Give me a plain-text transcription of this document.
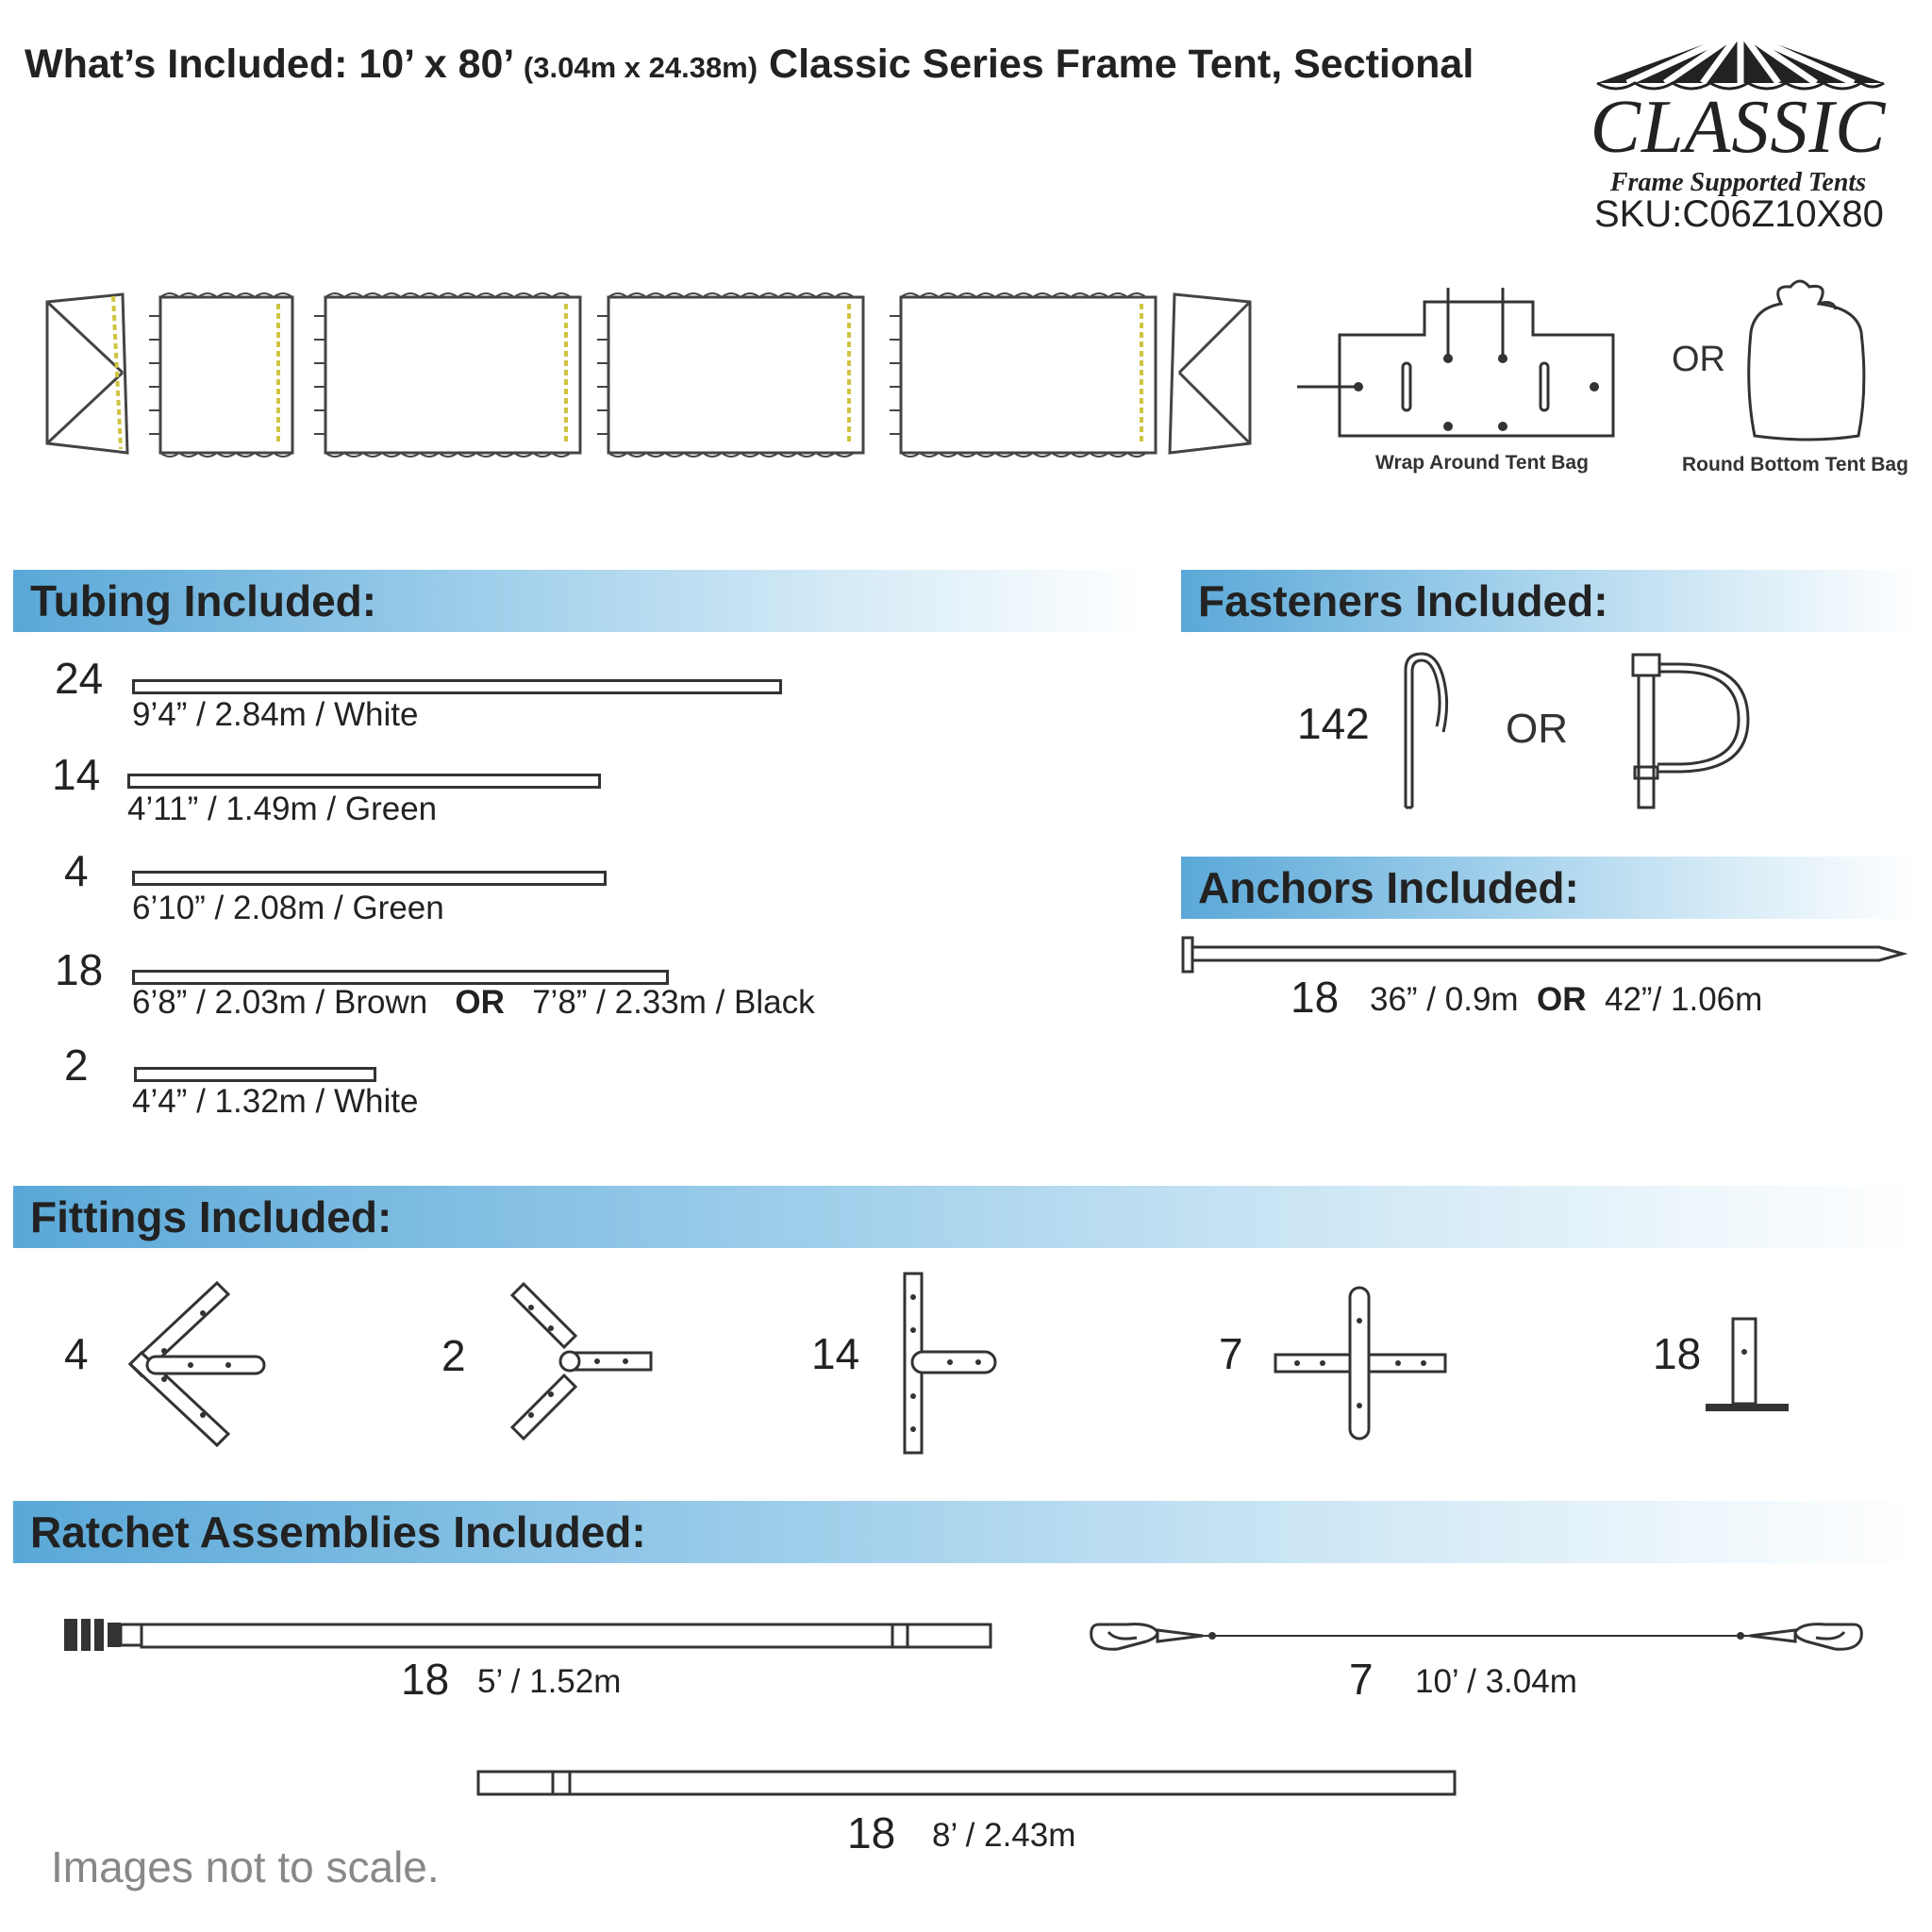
What’s Included: 10’ x 80’ (3.04m x 24.38m) Classic Series Frame Tent, Sectional
CLASSIC
Frame Supported Tents
SKU:C06Z10X80
Wrap Around Tent Bag
OR
Round Bottom Tent Bag
Tubing Included:
24
9’4” / 2.84m / White
14
4’11” / 1.49m / Green
4
6’10” / 2.08m / Green
18
6’8” / 2.03m / Brown OR 7’8” / 2.33m / Black
2
4’4” / 1.32m / White
Fasteners Included:
142	OR
Anchors Included:
18 36” / 0.9m OR 42”/ 1.06m
Fittings Included:
4	2	14	7	18
Ratchet Assemblies Included:
18 5’ / 1.52m	7 10’ / 3.04m
18 8’ / 2.43m
Images not to scale.
